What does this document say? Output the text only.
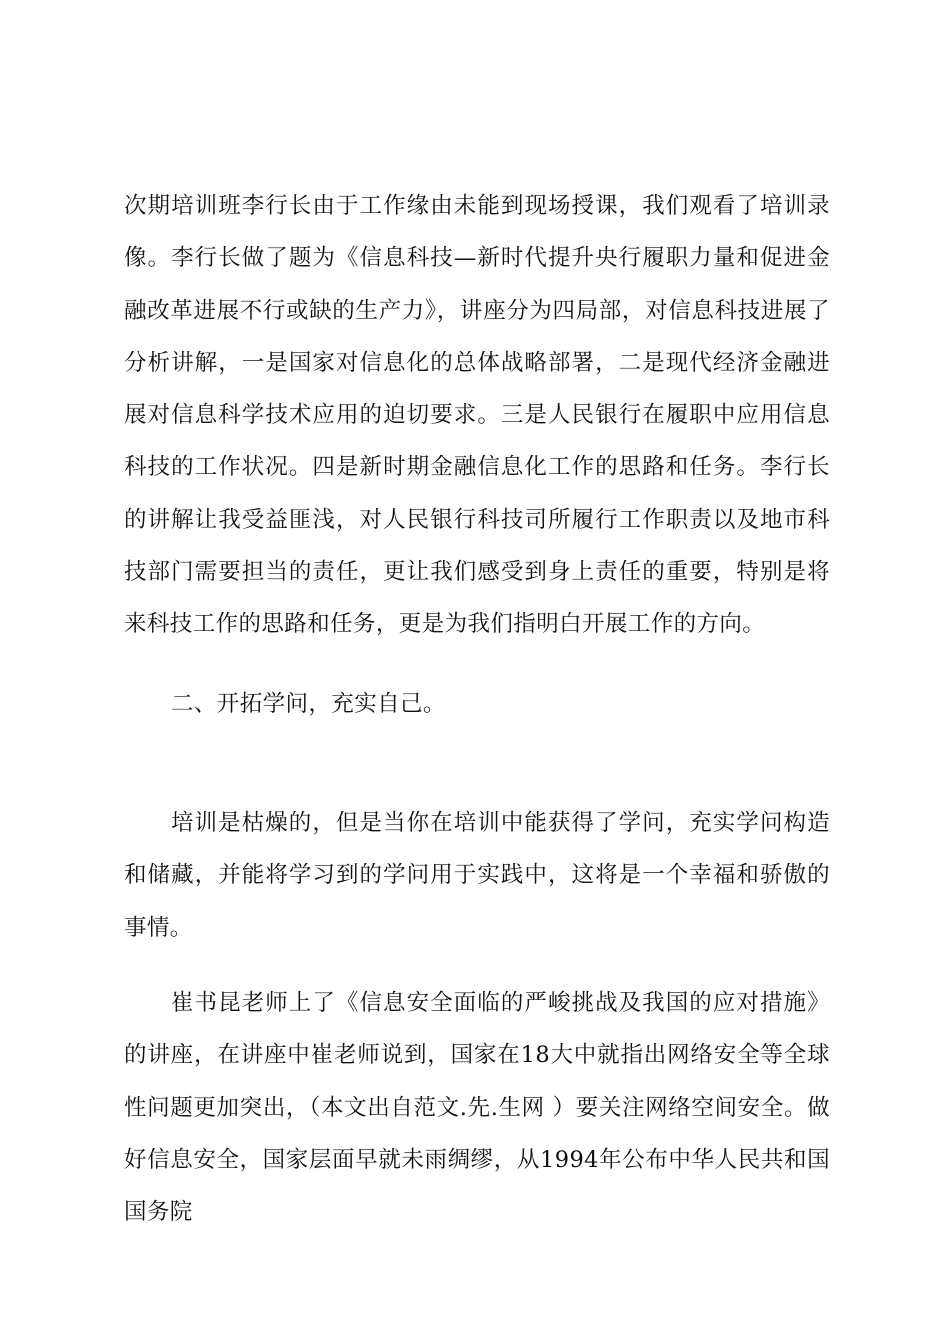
次期培训班李行长由于工作缘由未能到现场授课，我们观看了培训录像。李行长做了题为《信息科技—新时代提升央行履职力量和促进金融改革进展不行或缺的生产力》，讲座分为四局部，对信息科技进展了分析讲解，一是国家对信息化的总体战略部署，二是现代经济金融进展对信息科学技术应用的迫切要求。三是人民银行在履职中应用信息科技的工作状况。四是新时期金融信息化工作的思路和任务。李行长的讲解让我受益匪浅，对人民银行科技司所履行工作职责以及地市科技部门需要担当的责任，更让我们感受到身上责任的重要，特别是将来科技工作的思路和任务，更是为我们指明白开展工作的方向。

二、开拓学问，充实自己。

培训是枯燥的，但是当你在培训中能获得了学问，充实学问构造和储藏，并能将学习到的学问用于实践中，这将是一个幸福和骄傲的事情。

崔书昆老师上了《信息安全面临的严峻挑战及我国的应对措施》的讲座，在讲座中崔老师说到，国家在18大中就指出网络安全等全球性问题更加突出，（本文出自范文.先.生网 ）要关注网络空间安全。做好信息安全，国家层面早就未雨绸缪，从1994年公布中华人民共和国国务院
